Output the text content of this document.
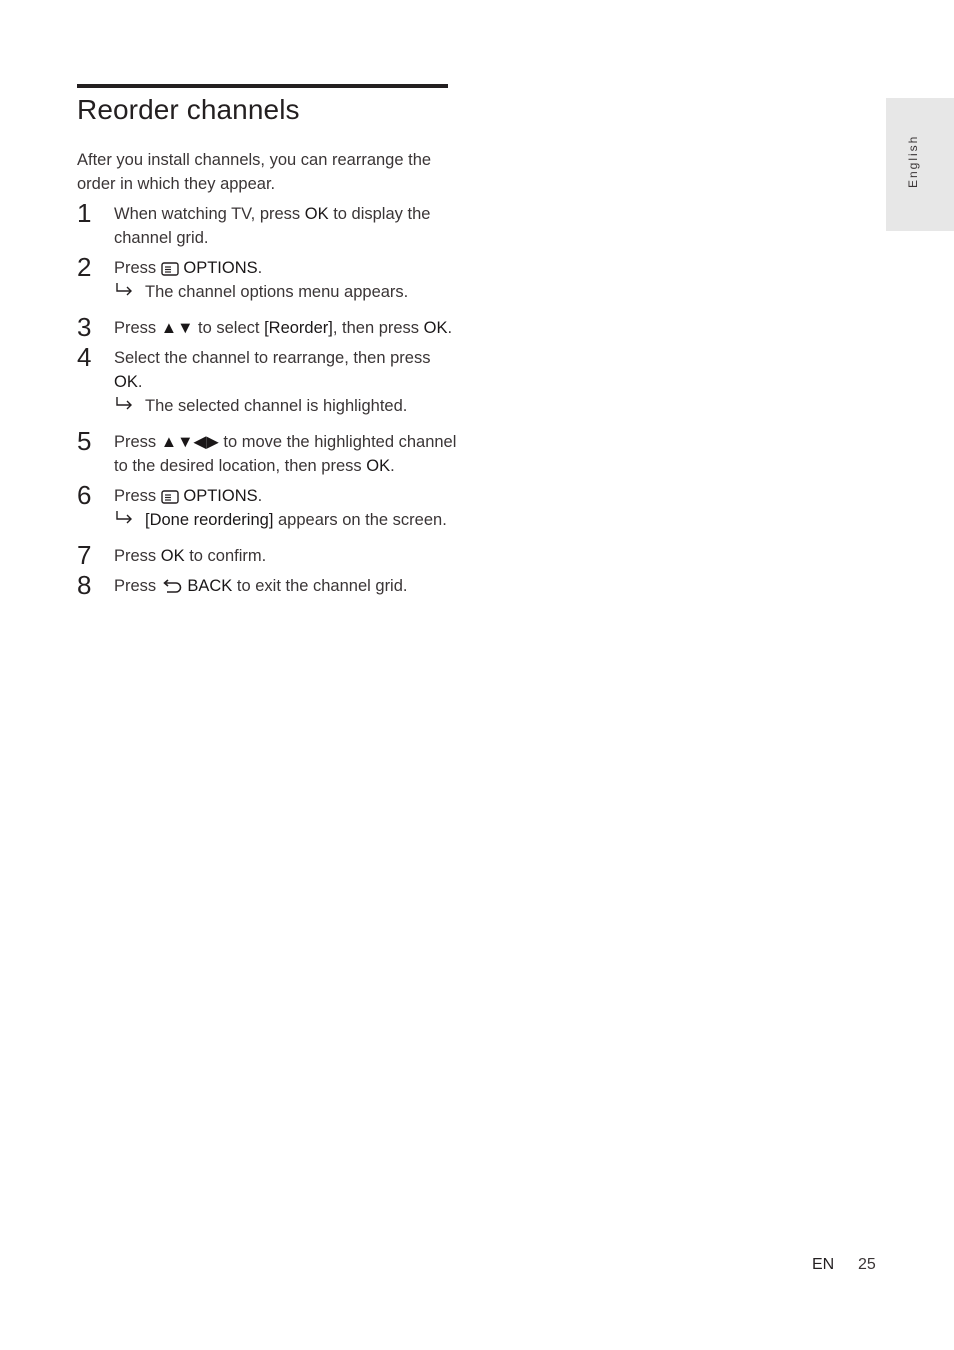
Reorder channels

After you install channels, you can rearrange the order in which they appear.

1 When watching TV, press OK to display the channel grid.
2 Press  OPTIONS.

The channel options menu appears.

3 Press ▲▼ to select [Reorder], then press OK.
4 Select the channel to rearrange, then press OK.

The selected channel is highlighted.

5 Press ▲▼◀▶ to move the highlighted channel to the desired location, then press OK.
6 Press  OPTIONS.

[Done reordering] appears on the screen.

7 Press OK to confirm.
8 Press  BACK to exit the channel grid.
English
EN 25
